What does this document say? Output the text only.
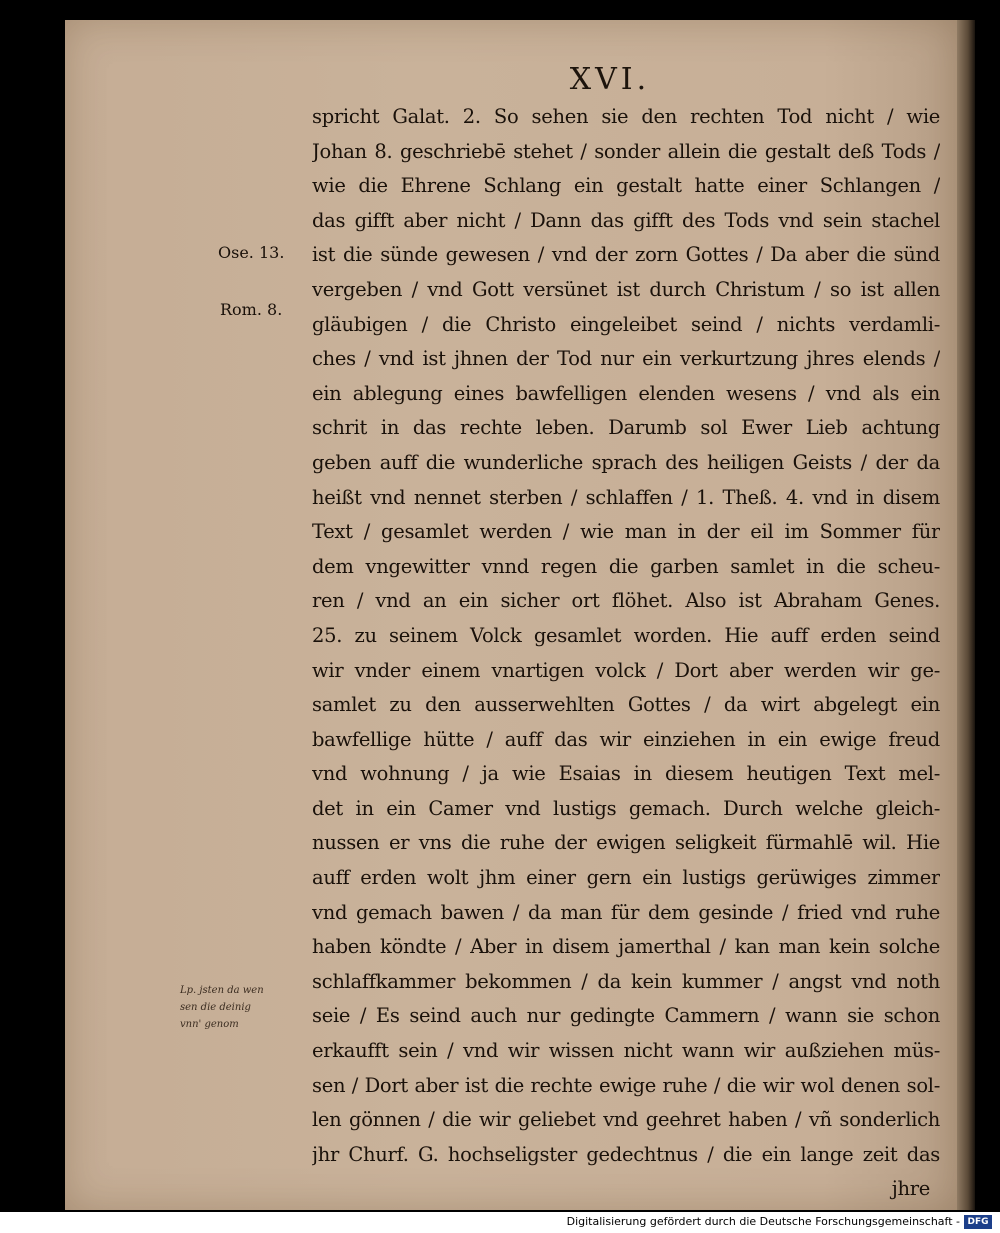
XVI.
spricht Galat. 2. So sehen sie den rechten Tod nicht / wie
Johan 8. geschriebē stehet / sonder allein die gestalt deß Tods /
wie die Ehrene Schlang ein gestalt hatte einer Schlangen /
das gifft aber nicht / Dann das gifft des Tods vnd sein stachel
ist die sünde gewesen / vnd der zorn Gottes / Da aber die sünd
vergeben / vnd Gott versünet ist durch Christum / so ist allen
gläubigen / die Christo eingeleibet seind / nichts verdamli-
ches / vnd ist jhnen der Tod nur ein verkurtzung jhres elends /
ein ablegung eines bawfelligen elenden wesens / vnd als ein
schrit in das rechte leben. Darumb sol Ewer Lieb achtung
geben auff die wunderliche sprach des heiligen Geists / der da
heißt vnd nennet sterben / schlaffen / 1. Theß. 4. vnd in disem
Text / gesamlet werden / wie man in der eil im Sommer für
dem vngewitter vnnd regen die garben samlet in die scheu-
ren / vnd an ein sicher ort flöhet. Also ist Abraham Genes.
25. zu seinem Volck gesamlet worden. Hie auff erden seind
wir vnder einem vnartigen volck / Dort aber werden wir ge-
samlet zu den ausserwehlten Gottes / da wirt abgelegt ein
bawfellige hütte / auff das wir einziehen in ein ewige freud
vnd wohnung / ja wie Esaias in diesem heutigen Text mel-
det in ein Camer vnd lustigs gemach. Durch welche gleich-
nussen er vns die ruhe der ewigen seligkeit fürmahlē wil. Hie
auff erden wolt jhm einer gern ein lustigs gerüwiges zimmer
vnd gemach bawen / da man für dem gesinde / fried vnd ruhe
haben köndte / Aber in disem jamerthal / kan man kein solche
schlaffkammer bekommen / da kein kummer / angst vnd noth
seie / Es seind auch nur gedingte Cammern / wann sie schon
erkaufft sein / vnd wir wissen nicht wann wir außziehen müs-
sen / Dort aber ist die rechte ewige ruhe / die wir wol denen sol-
len gönnen / die wir geliebet vnd geehret haben / vñ sonderlich
jhr Churf. G. hochseligster gedechtnus / die ein lange zeit das
jhre
Ose. 13.
Rom. 8.
Lp. jsten da wen
sen die deinig
vnn' genom
Digitalisierung gefördert durch die Deutsche Forschungsgemeinschaft - DFG
